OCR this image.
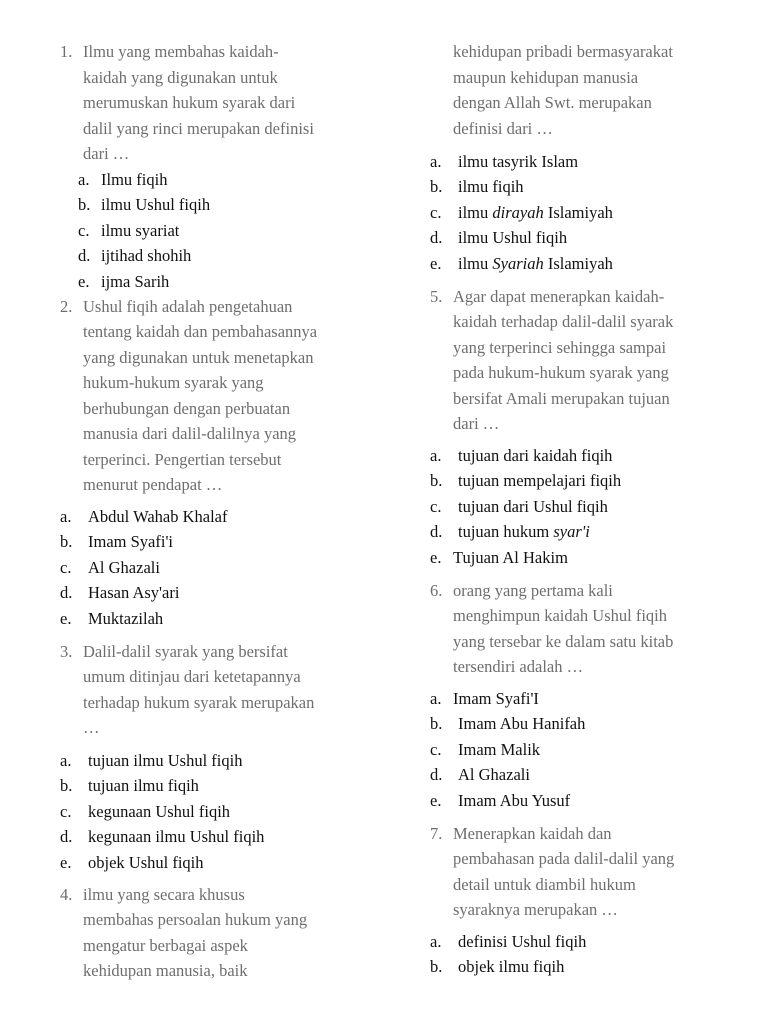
1. Ilmu yang membahas kaidah-
kaidah yang digunakan untuk
merumuskan hukum syarak dari
dalil yang rinci merupakan definisi
dari …
a. Ilmu fiqih
b. ilmu Ushul fiqih
c. ilmu syariat
d. ijtihad shohih
e. ijma Sarih
2. Ushul fiqih adalah pengetahuan
tentang kaidah dan pembahasannya
yang digunakan untuk menetapkan
hukum-hukum syarak yang
berhubungan dengan perbuatan
manusia dari dalil-dalilnya yang
terperinci. Pengertian tersebut
menurut pendapat …
a. Abdul Wahab Khalaf
b. Imam Syafi'i
c. Al Ghazali
d. Hasan Asy'ari
e. Muktazilah
3. Dalil-dalil syarak yang bersifat
umum ditinjau dari ketetapannya
terhadap hukum syarak merupakan
…
a. tujuan ilmu Ushul fiqih
b. tujuan ilmu fiqih
c. kegunaan Ushul fiqih
d. kegunaan ilmu Ushul fiqih
e. objek Ushul fiqih
4. ilmu yang secara khusus
membahas persoalan hukum yang
mengatur berbagai aspek
kehidupan manusia, baik
kehidupan pribadi bermasyarakat
maupun kehidupan manusia
dengan Allah Swt. merupakan
definisi dari …
a. ilmu tasyrik Islam
b. ilmu fiqih
c. ilmu dirayah Islamiyah
d. ilmu Ushul fiqih
e. ilmu Syariah Islamiyah
5. Agar dapat menerapkan kaidah-
kaidah terhadap dalil-dalil syarak
yang terperinci sehingga sampai
pada hukum-hukum syarak yang
bersifat Amali merupakan tujuan
dari …
a. tujuan dari kaidah fiqih
b. tujuan mempelajari fiqih
c. tujuan dari Ushul fiqih
d. tujuan hukum syar'i
e. Tujuan Al Hakim
6. orang yang pertama kali
menghimpun kaidah Ushul fiqih
yang tersebar ke dalam satu kitab
tersendiri adalah …
a. Imam Syafi'I
b. Imam Abu Hanifah
c. Imam Malik
d. Al Ghazali
e. Imam Abu Yusuf
7. Menerapkan kaidah dan
pembahasan pada dalil-dalil yang
detail untuk diambil hukum
syaraknya merupakan …
a. definisi Ushul fiqih
b. objek ilmu fiqih
